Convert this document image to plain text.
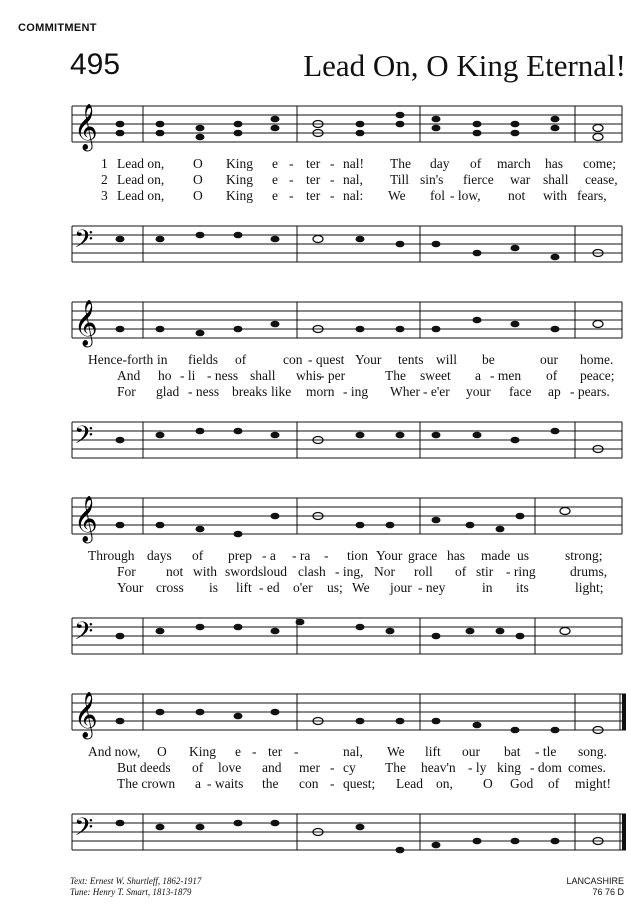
COMMITMENT
495	Lead On, O King Eternal!
𝄞
1 Lead on, O King e - ter - nal! The day of march has come;
2 Lead on, O King e - ter - nal, Till sin's fierce war shall cease,
3 Lead on, O King e - ter - nal: We fol - low, not with fears,
𝄢
𝄞
Hence-forth in fields of	con - quest Your tents will be	our home.
And ho - li - ness shall whis
- per	The sweet a - men of peace;
For glad - ness breaks like morn - ing Wher - e'er your face ap - pears.
𝄢
𝄞
Through days of prep - a - ra - tion Your grace has made us	strong;
For not with swords loud clash - ing, Nor roll of stir - ring	drums,
Your cross is lift - ed o'er us; We jour - ney	in its	light;
𝄢
𝄞
And now, O King e - ter -	nal, We lift our bat - tle song.
But deeds of love and mer - cy The heav'n - ly king - dom comes.
The crown a - waits the con - quest; Lead on, O God of might!
𝄢
Text: Ernest W. Shurtleff, 1862-1917
Tune: Henry T. Smart, 1813-1879
LANCASHIRE
76 76 D
